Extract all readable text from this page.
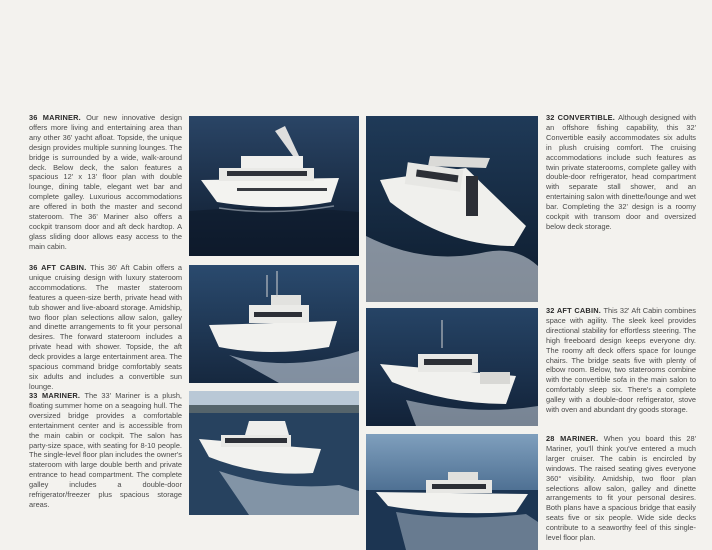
36 MARINER. Our new innovative design offers more living and entertaining area than any other 36' yacht afloat. Topside, the unique design provides multiple sunning lounges. The bridge is surrounded by a wide, walk-around deck. Below deck, the salon features a spacious 12' x 13' floor plan with double lounge, dining table, elegant wet bar and complete galley. Luxurious accommodations are offered in both the master and second stateroom. The 36' Mariner also offers a cockpit transom door and aft deck hardtop. A glass sliding door allows easy access to the main cabin.

36 AFT CABIN. This 36' Aft Cabin offers a unique cruising design with luxury stateroom accommodations. The master stateroom features a queen-size berth, private head with tub shower and live-aboard storage. Amidship, two floor plan selections allow salon, galley and dinette arrangements to fit your personal desires. The forward stateroom includes a private head with shower. Topside, the aft deck provides a large entertainment area. The spacious command bridge comfortably seats six adults and includes a convertible sun lounge.

33 MARINER. The 33' Mariner is a plush, floating summer home on a seagoing hull. The oversized bridge provides a comfortable entertainment center and is accessible from the main cabin or cockpit. The salon has party-size space, with seating for 8-10 people. The single-level floor plan includes the owner's stateroom with large double berth and private entrance to head compartment. The complete galley includes a double-door refrigerator/freezer plus spacious storage areas.

32 CONVERTIBLE. Although designed with an offshore fishing capability, this 32' Convertible easily accommodates six adults in plush cruising comfort. The cruising accommodations include such features as twin private staterooms, complete galley with double-door refrigerator, head compartment with separate stall shower, and an entertaining salon with dinette/lounge and wet bar. Completing the 32' design is a roomy cockpit with transom door and oversized below deck storage.

32 AFT CABIN. This 32' Aft Cabin combines space with agility. The sleek keel provides directional stability for effortless steering. The high freeboard design keeps everyone dry. The roomy aft deck offers space for lounge chairs. The bridge seats five with plenty of elbow room. Below, two staterooms combine with the convertible sofa in the main salon to comfortably sleep six. There's a complete galley with a double-door refrigerator, stove with oven and abundant dry goods storage.

28 MARINER. When you board this 28' Mariner, you'll think you've entered a much larger cruiser. The cabin is encircled by windows. The raised seating gives everyone 360° visibility. Amidship, two floor plan selections allow salon, galley and dinette arrangements to fit your personal desires. Both plans have a spacious bridge that easily seats five or six people. Wide side decks contribute to a seaworthy feel of this single-level floor plan.
